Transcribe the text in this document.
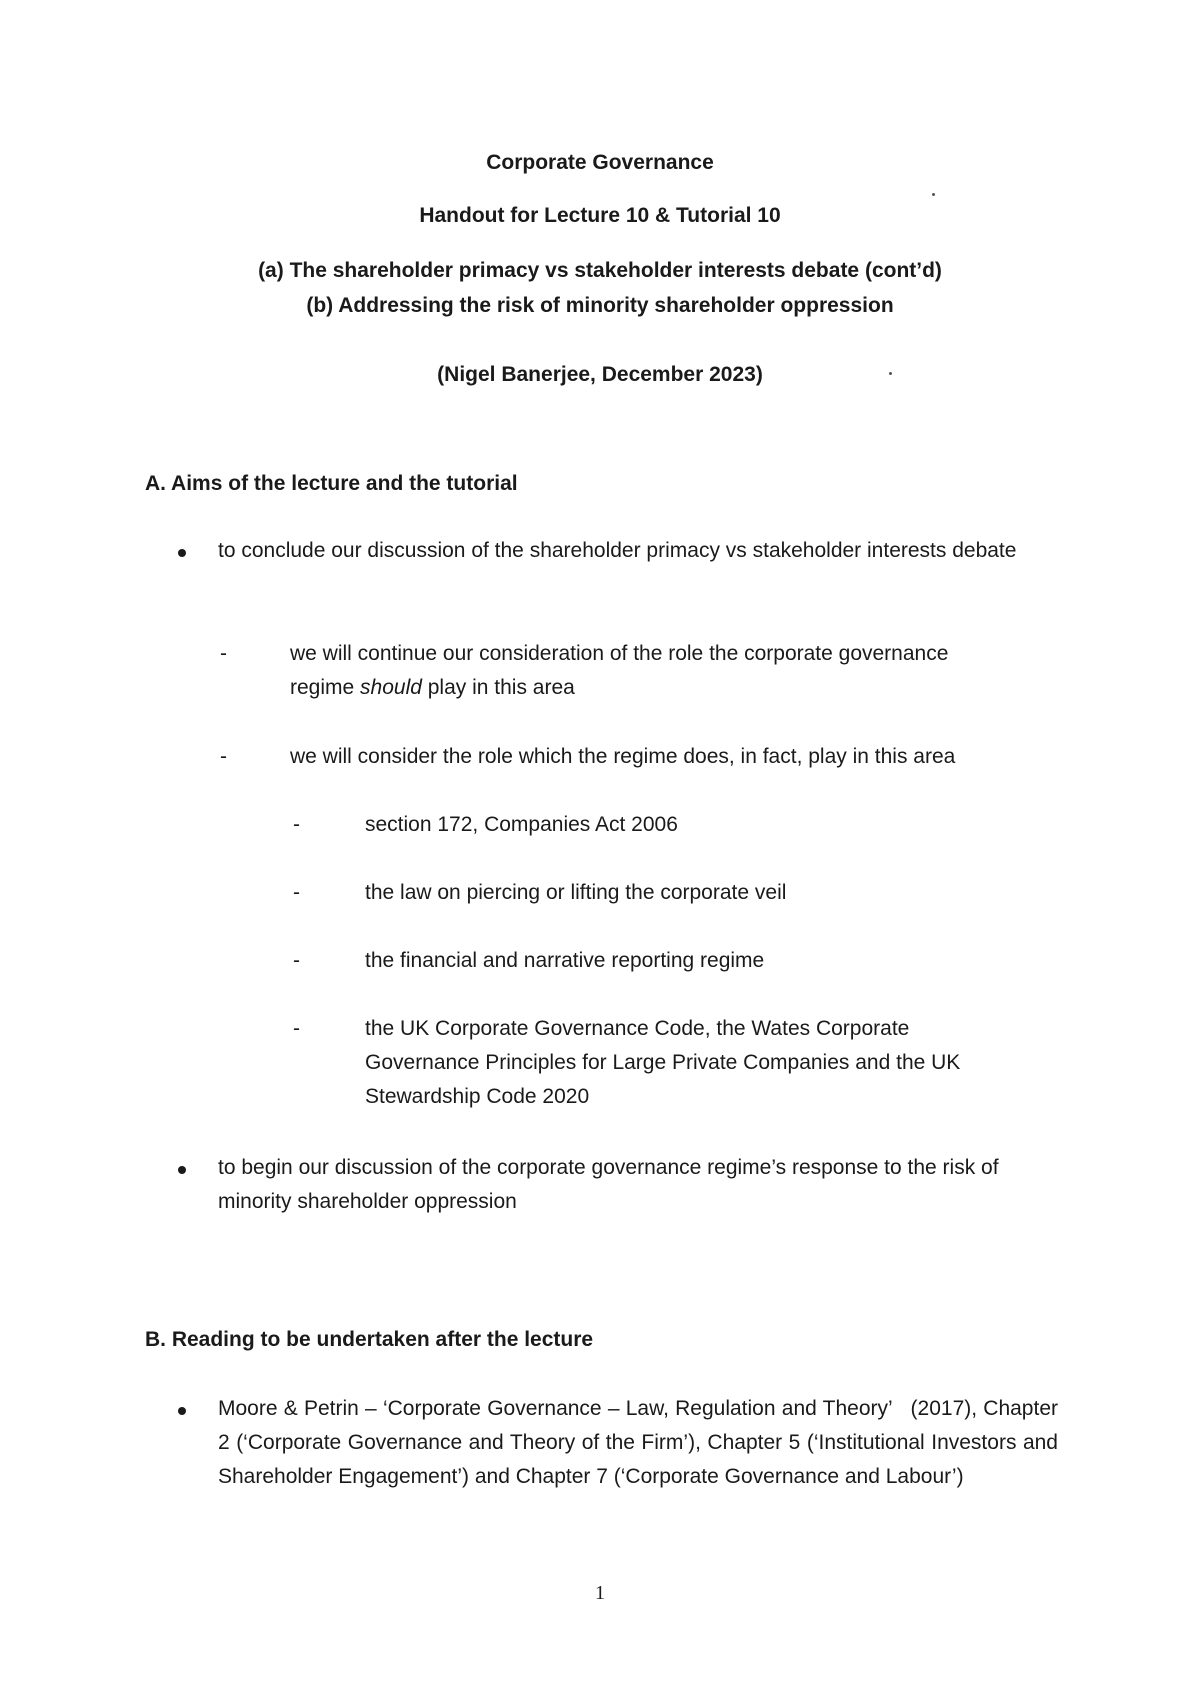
Corporate Governance
Handout for Lecture 10 & Tutorial 10
(a) The shareholder primacy vs stakeholder interests debate (cont’d)
(b) Addressing the risk of minority shareholder oppression
(Nigel Banerjee, December 2023)
A. Aims of the lecture and the tutorial
to conclude our discussion of the shareholder primacy vs stakeholder interests debate
-	we will continue our consideration of the role the corporate governance regime should play in this area
-	we will consider the role which the regime does, in fact, play in this area
-	section 172, Companies Act 2006
-	the law on piercing or lifting the corporate veil
-	the financial and narrative reporting regime
-	the UK Corporate Governance Code, the Wates Corporate Governance Principles for Large Private Companies and the UK Stewardship Code 2020
to begin our discussion of the corporate governance regime’s response to the risk of minority shareholder oppression
B. Reading to be undertaken after the lecture
Moore & Petrin – ‘Corporate Governance – Law, Regulation and Theory’   (2017), Chapter 2 (‘Corporate Governance and Theory of the Firm’), Chapter 5 (‘Institutional Investors and Shareholder Engagement’) and Chapter 7 (‘Corporate Governance and Labour’)
1
